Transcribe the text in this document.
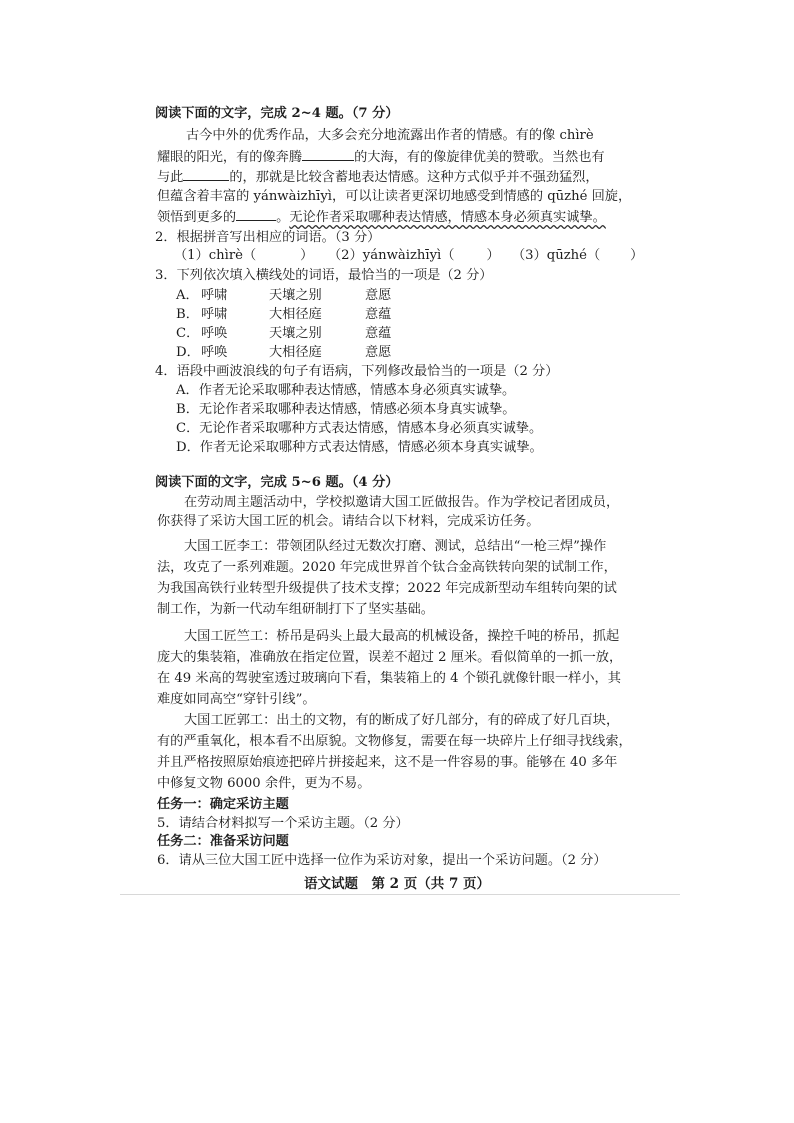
阅读下面的文字，完成 2~4 题。（7 分）
古今中外的优秀作品，大多会充分地流露出作者的情感。有的像 chìrè
耀眼的阳光，有的像奔腾	的大海，有的像旋律优美的赞歌。当然也有
与此	的，那就是比较含蓄地表达情感。这种方式似乎并不强劲猛烈，
但蕴含着丰富的 yánwàizhīyì，可以让读者更深切地感受到情感的 qūzhé 回旋，
领悟到更多的	。无论作者采取哪种表达情感，情感本身必须真实诚挚。
2．根据拼音写出相应的词语。（3 分）
（1）chìrè（	） （2）yánwàizhīyì（ ） （3）qūzhé（ ）
3．下列依次填入横线处的词语，最恰当的一项是（2 分）
A． 呼啸	天壤之别	意愿
B． 呼啸	大相径庭	意蕴
C． 呼唤	天壤之别	意蕴
D． 呼唤	大相径庭	意愿
4．语段中画波浪线的句子有语病，下列修改最恰当的一项是（2 分）
A．作者无论采取哪种表达情感，情感本身必须真实诚挚。
B．无论作者采取哪种表达情感，情感必须本身真实诚挚。
C．无论作者采取哪种方式表达情感，情感本身必须真实诚挚。
D．作者无论采取哪种方式表达情感，情感必须本身真实诚挚。
阅读下面的文字，完成 5~6 题。（4 分）
在劳动周主题活动中，学校拟邀请大国工匠做报告。作为学校记者团成员，
你获得了采访大国工匠的机会。请结合以下材料，完成采访任务。
大国工匠李工：带领团队经过无数次打磨、测试，总结出“一枪三焊”操作
法，攻克了一系列难题。2020 年完成世界首个钛合金高铁转向架的试制工作，
为我国高铁行业转型升级提供了技术支撑；2022 年完成新型动车组转向架的试
制工作，为新一代动车组研制打下了坚实基础。
大国工匠竺工：桥吊是码头上最大最高的机械设备，操控千吨的桥吊，抓起
庞大的集装箱，准确放在指定位置，误差不超过 2 厘米。看似简单的一抓一放，
在 49 米高的驾驶室透过玻璃向下看，集装箱上的 4 个锁孔就像针眼一样小，其
难度如同高空“穿针引线”。
大国工匠郭工：出土的文物，有的断成了好几部分，有的碎成了好几百块，
有的严重氧化，根本看不出原貌。文物修复，需要在每一块碎片上仔细寻找线索，
并且严格按照原始痕迹把碎片拼接起来，这不是一件容易的事。能够在 40 多年
中修复文物 6000 余件，更为不易。
任务一：确定采访主题
5．请结合材料拟写一个采访主题。（2 分）
任务二：准备采访问题
6．请从三位大国工匠中选择一位作为采访对象，提出一个采访问题。（2 分）
语文试题　第 2 页（共 7 页）
